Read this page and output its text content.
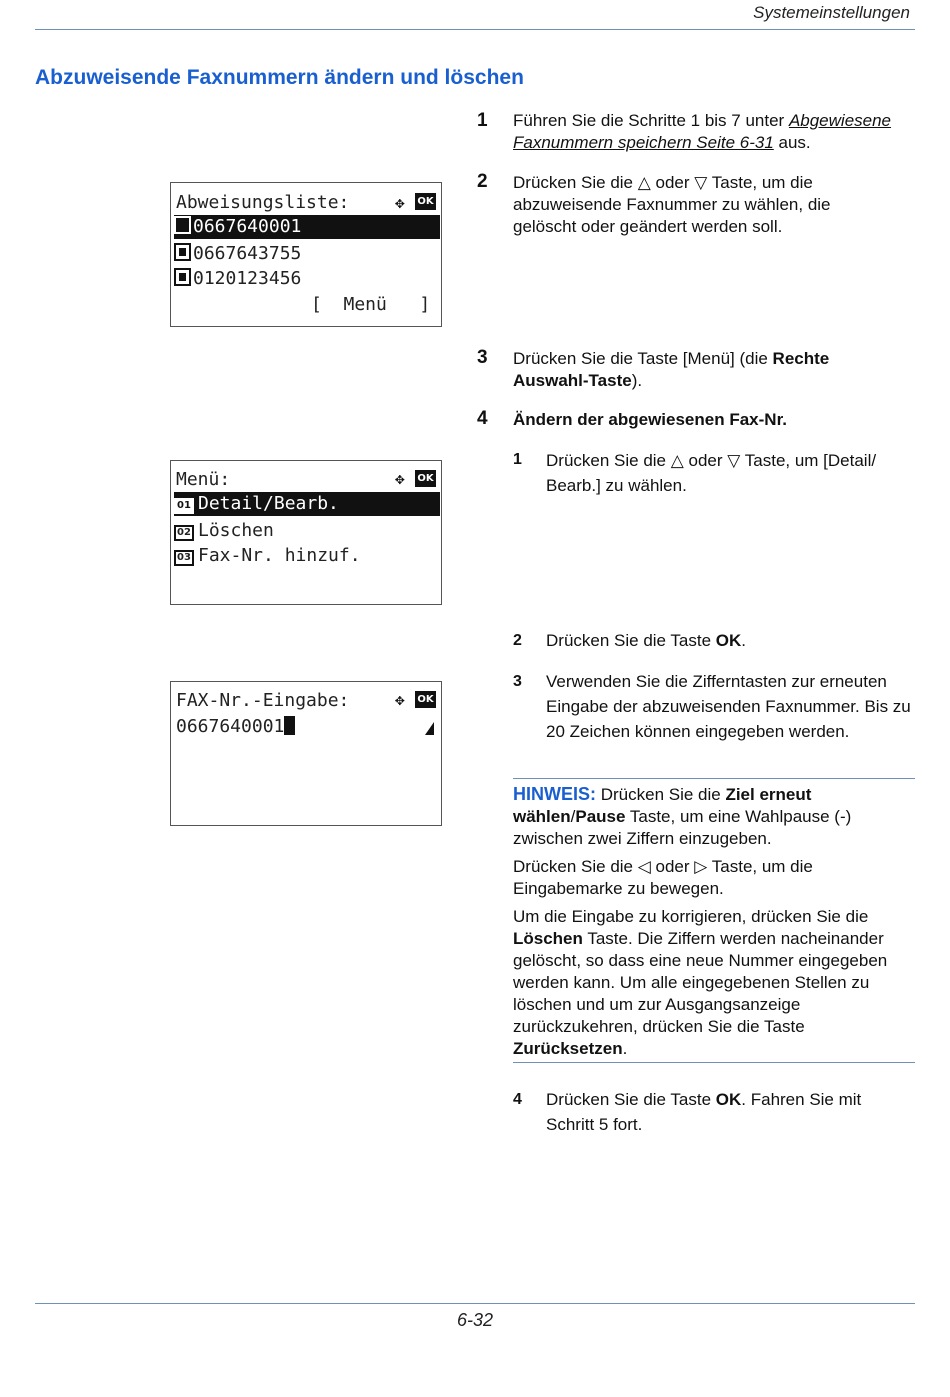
Systemeinstellungen
Abzuweisende Faxnummern ändern und löschen
1 Führen Sie die Schritte 1 bis 7 unter Abgewiesene Faxnummern speichern Seite 6-31 aus.
2 Drücken Sie die △ oder ▽ Taste, um die abzuweisende Faxnummer zu wählen, die gelöscht oder geändert werden soll.
Abweisungsliste:	✥ OK
0667640001
0667643755
0120123456
[  Menü   ]
3 Drücken Sie die Taste [Menü] (die Rechte Auswahl-Taste).
4 Ändern der abgewiesenen Fax-Nr.
1 Drücken Sie die △ oder ▽ Taste, um [Detail/ Bearb.] zu wählen.
Menü:	✥ OK
01 Detail/Bearb.
02 Löschen
03 Fax-Nr. hinzuf.
2 Drücken Sie die Taste OK.
3 Verwenden Sie die Zifferntasten zur erneuten Eingabe der abzuweisenden Faxnummer. Bis zu 20 Zeichen können eingegeben werden.
FAX-Nr.-Eingabe:	✥ OK
0667640001

HINWEIS: Drücken Sie die Ziel erneut wählen/Pause Taste, um eine Wahlpause (-) zwischen zwei Ziffern einzugeben.

Drücken Sie die ◁ oder ▷ Taste, um die Eingabemarke zu bewegen.

Um die Eingabe zu korrigieren, drücken Sie die Löschen Taste. Die Ziffern werden nacheinander gelöscht, so dass eine neue Nummer eingegeben werden kann. Um alle eingegebenen Stellen zu löschen und um zur Ausgangsanzeige zurückzukehren, drücken Sie die Taste Zurücksetzen.

4 Drücken Sie die Taste OK. Fahren Sie mit Schritt 5 fort.
6-32
